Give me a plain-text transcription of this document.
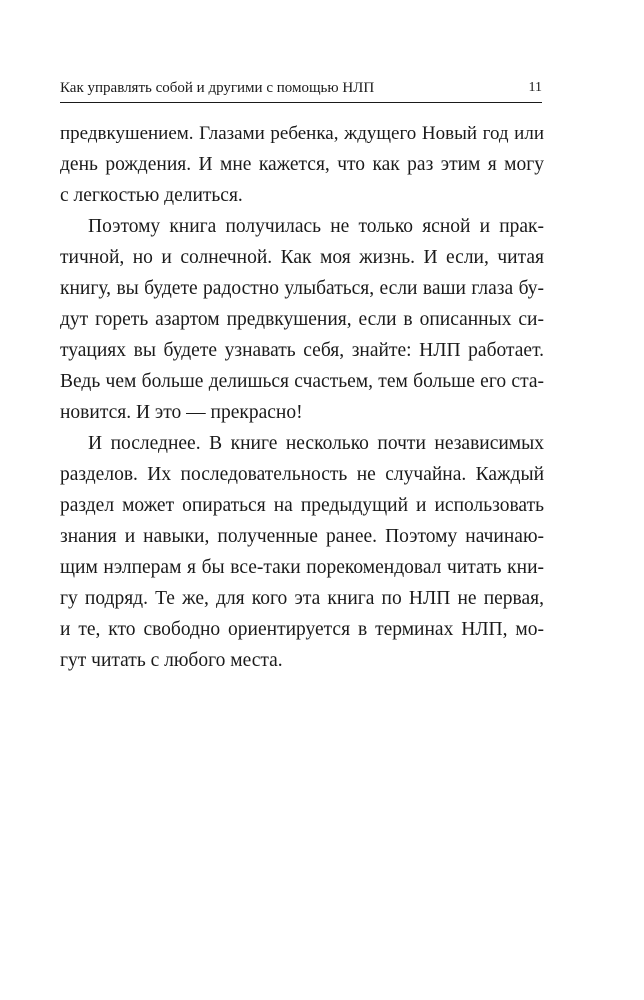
Как управлять собой и другими с помощью НЛП	11

предвкушением. Глазами ребенка, ждущего Новый год или
день рождения. И мне кажется, что как раз этим я могу
с легкостью делиться.

Поэтому книга получилась не только ясной и прак-
тичной, но и солнечной. Как моя жизнь. И если, читая
книгу, вы будете радостно улыбаться, если ваши глаза бу-
дут гореть азартом предвкушения, если в описанных си-
туациях вы будете узнавать себя, знайте: НЛП работает.
Ведь чем больше делишься счастьем, тем больше его ста-
новится. И это — прекрасно!

И последнее. В книге несколько почти независимых
разделов. Их последовательность не случайна. Каждый
раздел может опираться на предыдущий и использовать
знания и навыки, полученные ранее. Поэтому начинаю-
щим нэлперам я бы все-таки порекомендовал читать кни-
гу подряд. Те же, для кого эта книга по НЛП не первая,
и те, кто свободно ориентируется в терминах НЛП, мо-
гут читать с любого места.
